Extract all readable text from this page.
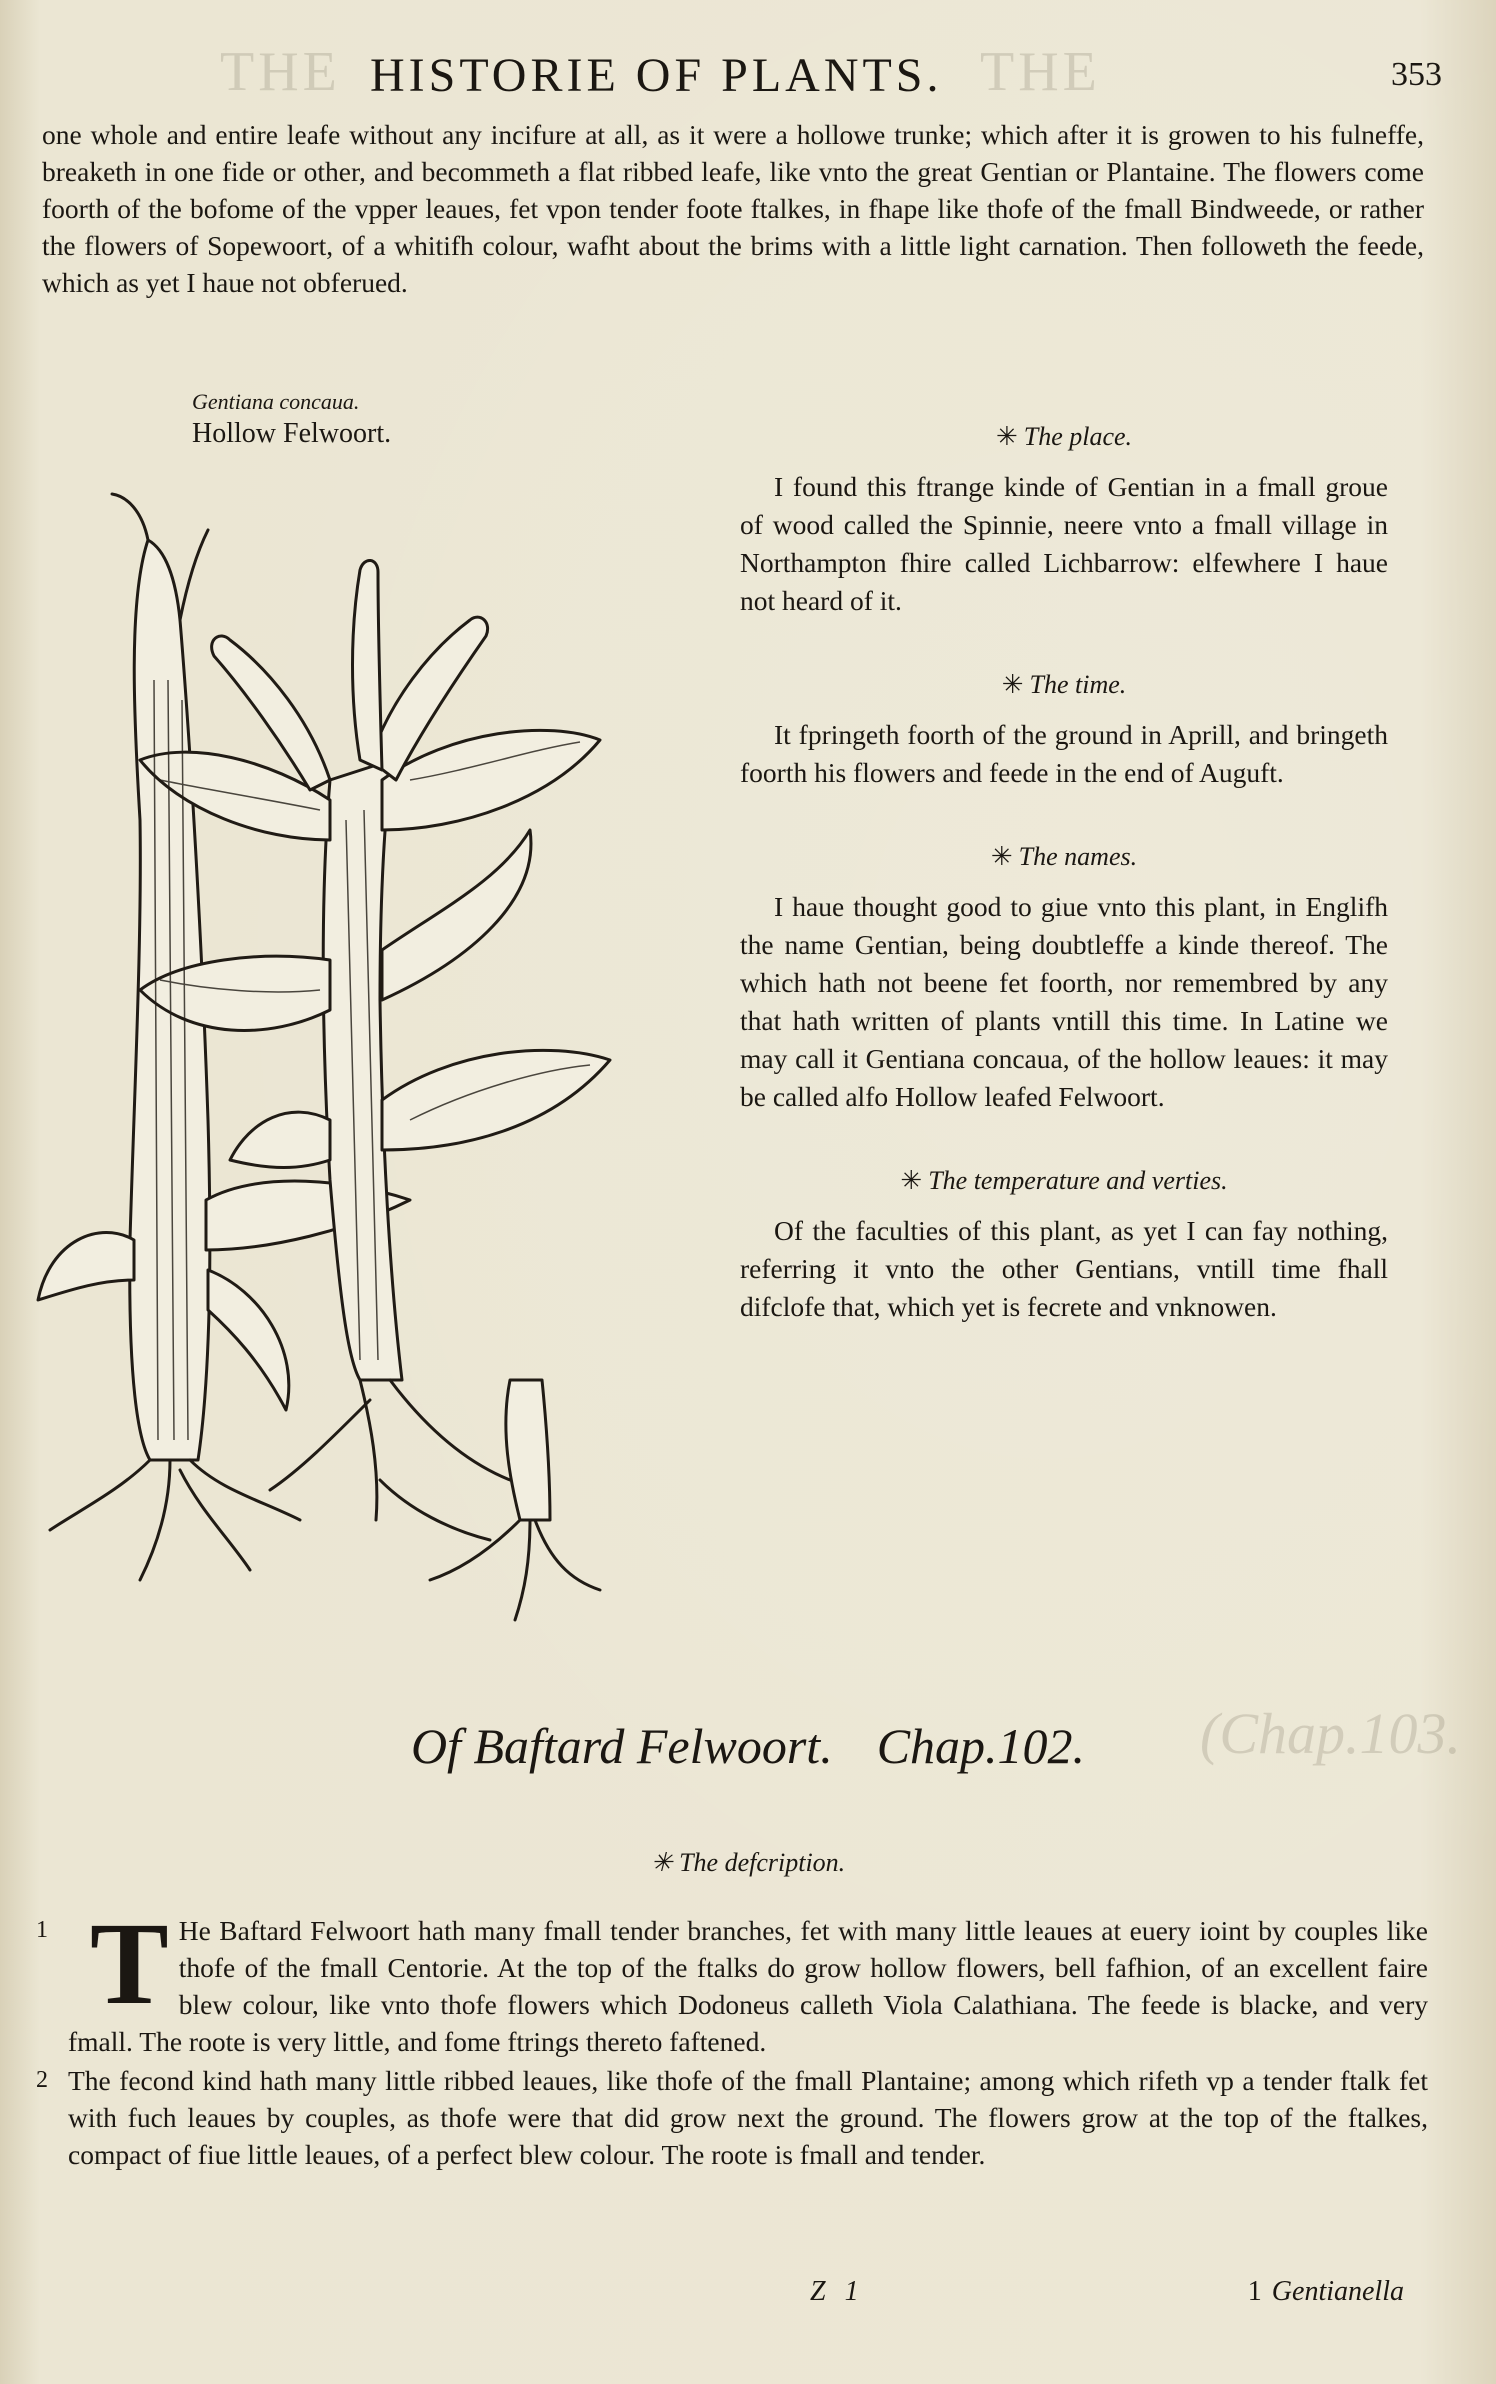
THE	THE
(Chap.103.
HISTORIE OF PLANTS.	353

one whole and entire leafe without any incifure at all, as it were a hollowe trunke; which after it is growen to his fulneffe, breaketh in one fide or other, and becommeth a flat ribbed leafe, like vnto the great Gentian or Plantaine. The flowers come foorth of the bofome of the vpper leaues, fet vpon tender foote ftalkes, in fhape like thofe of the fmall Bindweede, or rather the flowers of Sopewoort, of a whitifh colour, wafht about the brims with a little light carnation. Then followeth the feede, which as yet I haue not obferued.

Gentiana concaua.
Hollow Felwoort.	✳ The place.

I found this ftrange kinde of Gentian in a fmall groue of wood called the Spinnie, neere vnto a fmall village in Northampton fhire called Lichbarrow: elfewhere I haue not heard of it.

✳ The time.

It fpringeth foorth of the ground in Aprill, and bringeth foorth his flowers and feede in the end of Auguft.

✳ The names.

I haue thought good to giue vnto this plant, in Englifh the name Gentian, being doubtleffe a kinde thereof. The which hath not beene fet foorth, nor remembred by any that hath written of plants vntill this time. In Latine we may call it Gentiana concaua, of the hollow leaues: it may be called alfo Hollow leafed Felwoort.

✳ The temperature and verties.

Of the faculties of this plant, as yet I can fay nothing, referring it vnto the other Gentians, vntill time fhall difclofe that, which yet is fecrete and vnknowen.

Of Baftard Felwoort. Chap.102.
✳ The defcription.
1 T He Baftard Felwoort hath many fmall tender branches, fet with many little leaues at euery ioint by couples like thofe of the fmall Centorie. At the top of the ftalks do grow hollow flowers, bell fafhion, of an excellent faire blew colour, like vnto thofe flowers which Dodoneus calleth Viola Calathiana. The feede is blacke, and very fmall. The roote is very little, and fome ftrings thereto faftened.
2 The fecond kind hath many little ribbed leaues, like thofe of the fmall Plantaine; among which rifeth vp a tender ftalk fet with fuch leaues by couples, as thofe were that did grow next the ground. The flowers grow at the top of the ftalkes, compact of fiue little leaues, of a perfect blew colour. The roote is fmall and tender.
Z 1	1 Gentianella
